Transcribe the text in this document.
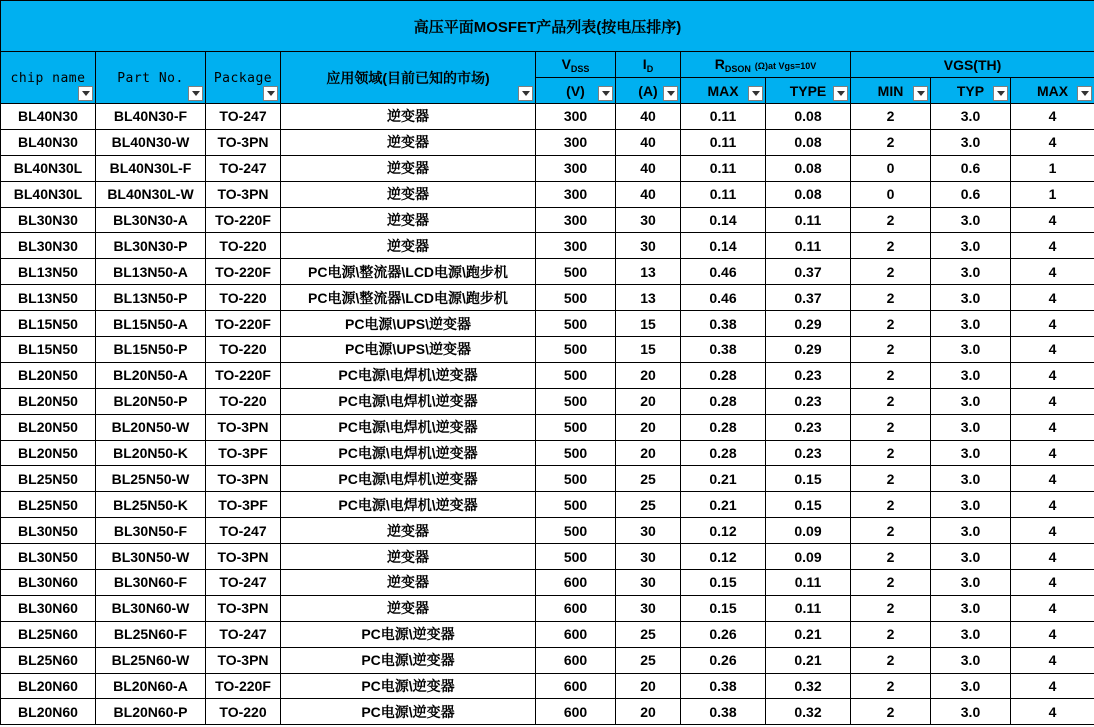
高压平面MOSFET产品列表(按电压排序)										
chip name	Part No.	Package	应用领域(目前已知的市场)	$V_{DSS}$	$I_D$	$R_{DSON}$ (Ω)at Vgs=10V		VGS(TH)		
				(V)	(A)	MAX	TYPE	MIN	TYP	MAX

BL40N30	BL40N30-F	TO-247	逆变器	300	40	0.11	0.08	2	3.0	4
BL40N30	BL40N30-W	TO-3PN	逆变器	300	40	0.11	0.08	2	3.0	4
BL40N30L	BL40N30L-F	TO-247	逆变器	300	40	0.11	0.08	0	0.6	1
BL40N30L	BL40N30L-W	TO-3PN	逆变器	300	40	0.11	0.08	0	0.6	1
BL30N30	BL30N30-A	TO-220F	逆变器	300	30	0.14	0.11	2	3.0	4
BL30N30	BL30N30-P	TO-220	逆变器	300	30	0.14	0.11	2	3.0	4
BL13N50	BL13N50-A	TO-220F	PC电源\整流器\LCD电源\跑步机	500	13	0.46	0.37	2	3.0	4
BL13N50	BL13N50-P	TO-220	PC电源\整流器\LCD电源\跑步机	500	13	0.46	0.37	2	3.0	4
BL15N50	BL15N50-A	TO-220F	PC电源\UPS\逆变器	500	15	0.38	0.29	2	3.0	4
BL15N50	BL15N50-P	TO-220	PC电源\UPS\逆变器	500	15	0.38	0.29	2	3.0	4
BL20N50	BL20N50-A	TO-220F	PC电源\电焊机\逆变器	500	20	0.28	0.23	2	3.0	4
BL20N50	BL20N50-P	TO-220	PC电源\电焊机\逆变器	500	20	0.28	0.23	2	3.0	4
BL20N50	BL20N50-W	TO-3PN	PC电源\电焊机\逆变器	500	20	0.28	0.23	2	3.0	4
BL20N50	BL20N50-K	TO-3PF	PC电源\电焊机\逆变器	500	20	0.28	0.23	2	3.0	4
BL25N50	BL25N50-W	TO-3PN	PC电源\电焊机\逆变器	500	25	0.21	0.15	2	3.0	4
BL25N50	BL25N50-K	TO-3PF	PC电源\电焊机\逆变器	500	25	0.21	0.15	2	3.0	4
BL30N50	BL30N50-F	TO-247	逆变器	500	30	0.12	0.09	2	3.0	4
BL30N50	BL30N50-W	TO-3PN	逆变器	500	30	0.12	0.09	2	3.0	4
BL30N60	BL30N60-F	TO-247	逆变器	600	30	0.15	0.11	2	3.0	4
BL30N60	BL30N60-W	TO-3PN	逆变器	600	30	0.15	0.11	2	3.0	4
BL25N60	BL25N60-F	TO-247	PC电源\逆变器	600	25	0.26	0.21	2	3.0	4
BL25N60	BL25N60-W	TO-3PN	PC电源\逆变器	600	25	0.26	0.21	2	3.0	4
BL20N60	BL20N60-A	TO-220F	PC电源\逆变器	600	20	0.38	0.32	2	3.0	4
BL20N60	BL20N60-P	TO-220	PC电源\逆变器	600	20	0.38	0.32	2	3.0	4
